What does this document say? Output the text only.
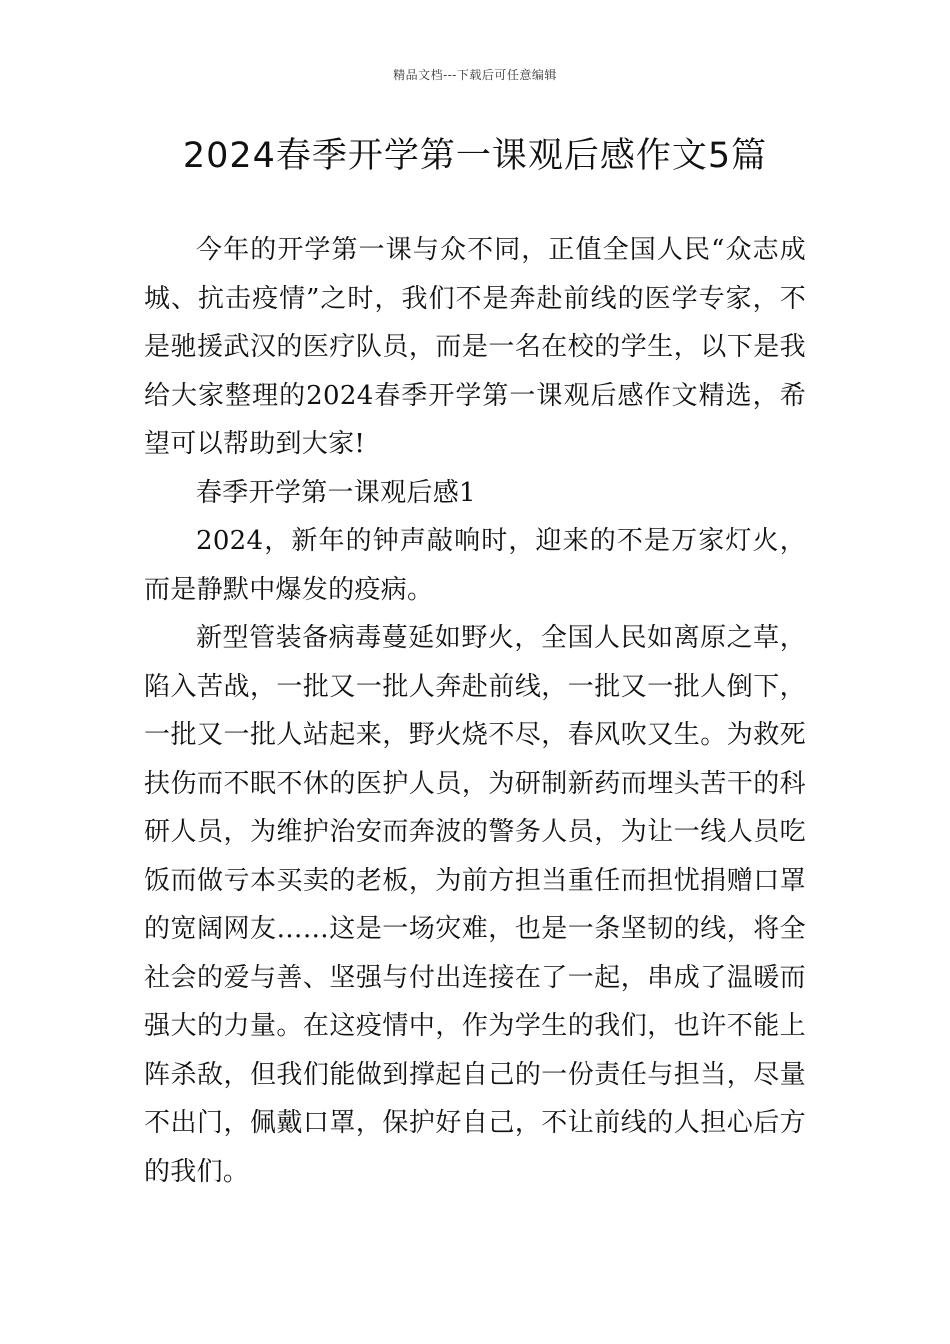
精品文档---下载后可任意编辑
2024春季开学第一课观后感作文5篇

今年的开学第一课与众不同，正值全国人民“众志成城、抗击疫情”之时，我们不是奔赴前线的医学专家，不是驰援武汉的医疗队员，而是一名在校的学生，以下是我给大家整理的2024春季开学第一课观后感作文精选，希望可以帮助到大家!

春季开学第一课观后感1

2024，新年的钟声敲响时，迎来的不是万家灯火，而是静默中爆发的疫病。

新型管装备病毒蔓延如野火，全国人民如离原之草，陷入苦战，一批又一批人奔赴前线，一批又一批人倒下，一批又一批人站起来，野火烧不尽，春风吹又生。为救死扶伤而不眠不休的医护人员，为研制新药而埋头苦干的科研人员，为维护治安而奔波的警务人员，为让一线人员吃饭而做亏本买卖的老板，为前方担当重任而担忧捐赠口罩的宽阔网友……这是一场灾难，也是一条坚韧的线，将全社会的爱与善、坚强与付出连接在了一起，串成了温暖而强大的力量。在这疫情中，作为学生的我们，也许不能上阵杀敌，但我们能做到撑起自己的一份责任与担当，尽量不出门，佩戴口罩，保护好自己，不让前线的人担心后方的我们。
